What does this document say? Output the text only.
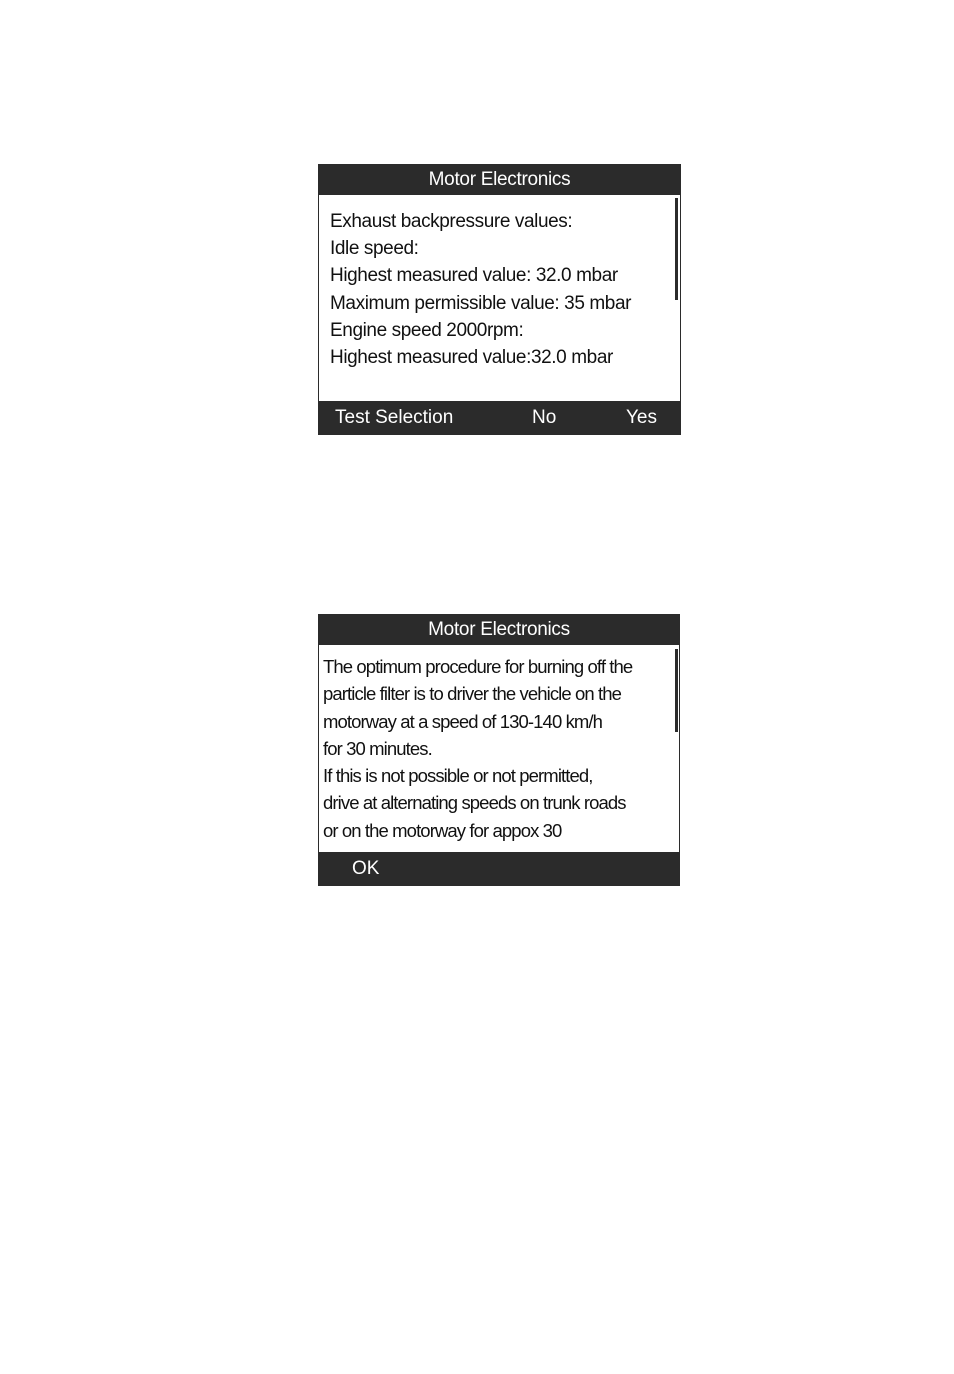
Motor Electronics
Exhaust backpressure values:
Idle speed:
Highest measured value: 32.0 mbar
Maximum permissible value: 35 mbar
Engine speed 2000rpm:
Highest measured value:32.0 mbar
Test Selection	No	Yes
Motor Electronics
The optimum procedure for burning off the
particle filter is to driver the vehicle on the
motorway at a speed of 130-140 km/h
for 30 minutes.
If this is not possible or not permitted,
drive at alternating speeds on trunk roads
or on the motorway for appox 30
OK
